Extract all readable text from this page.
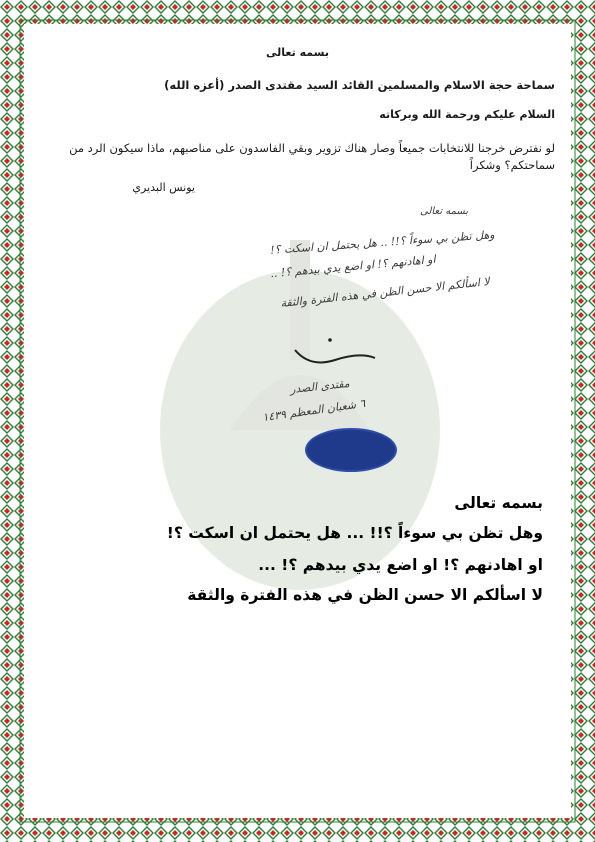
بسمه تعالى
سماحة حجة الاسلام والمسلمين القائد السيد مقتدى الصدر (أعزه الله)
السلام عليكم ورحمة الله وبركاته
لو نفترض خرجنا للانتخابات جميعاً وصار هناك تزوير وبقي الفاسدون على مناصبهم، ماذا سيكون الرد من سماحتكم؟ وشكراً
يونس البديري
بسمه تعالى
وهل تظن بي سوءاً ؟!! .. هل يحتمل ان اسكت ؟!
او اهادنهم ؟! او اضع يدي بيدهم ؟! ..
لا اسألكم الا حسن الظن في هذه الفترة والثقة
مقتدى الصدر
٦ شعبان المعظم ١٤٣٩
بسمه تعالى
وهل تظن بي سوءاً ؟!! ... هل يحتمل ان اسكت ؟!
او اهادنهم ؟! او اضع يدي بيدهم ؟! ...
لا اسألكم الا حسن الظن في هذه الفترة والثقة
